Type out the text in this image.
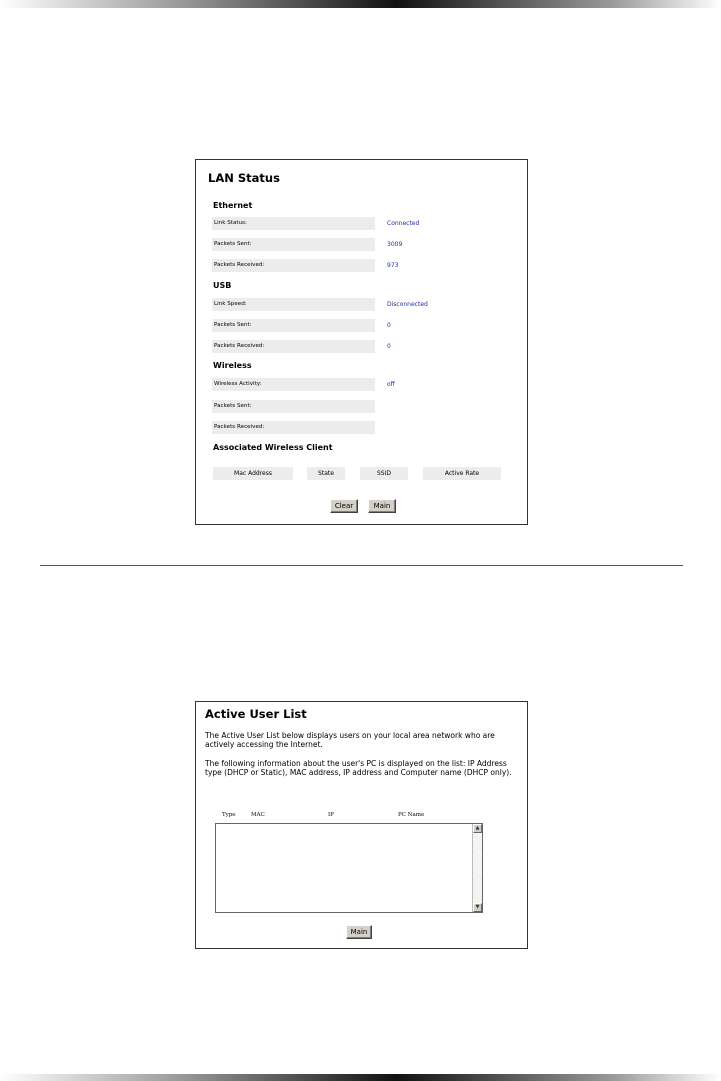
LAN Status
Ethernet
Link Status:	Connected
Packets Sent:	3009
Packets Received:	973
USB
Link Speed:	Disconnected
Packets Sent:	0
Packets Received:	0
Wireless
Wireless Activity:	off
Packets Sent:
Packets Received:
Associated Wireless Client
Mac Address	State	SSID	Active Rate
Clear	Main
Active User List
The Active User List below displays users on your local area network who are actively accessing the Internet.
The following information about the user's PC is displayed on the list: IP Address type (DHCP or Static), MAC address, IP address and Computer name (DHCP only).
Type	MAC	IP	PC Name
▲
▼
Main
